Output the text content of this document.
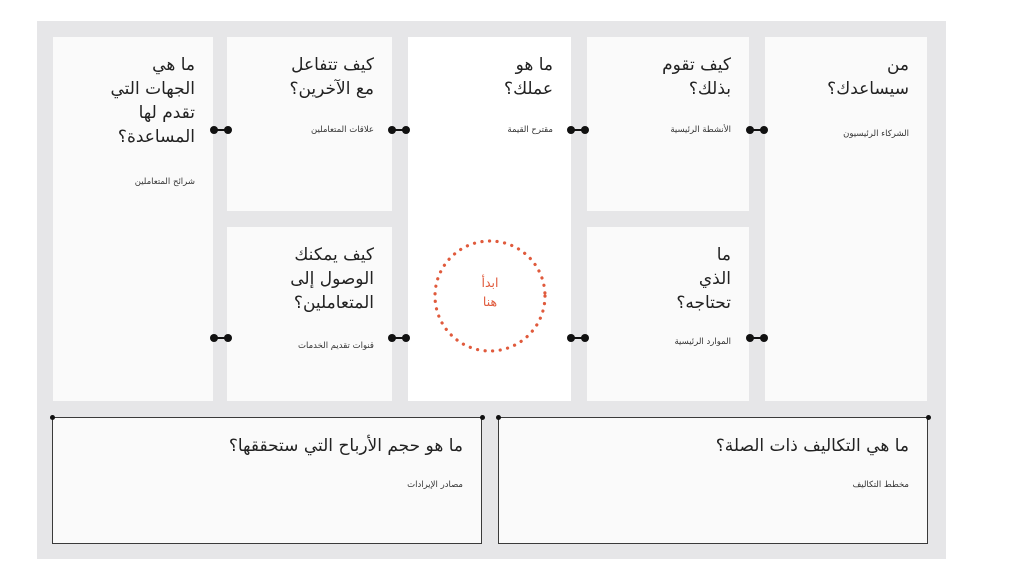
من
سيساعدك؟
الشركاء الرئيسيون
كيف تقوم
بذلك؟
الأنشطة الرئيسية
ما
الذي
تحتاجه؟
الموارد الرئيسية
ما هو
عملك؟
مقترح القيمة
كيف تتفاعل
مع الآخرين؟
علاقات المتعاملين
كيف يمكنك
الوصول إلى
المتعاملين؟
قنوات تقديم الخدمات
ما هي
الجهات التي
تقدم لها
المساعدة؟
شرائح المتعاملين
ما هو حجم الأرباح التي ستحققها؟
مصادر الإيرادات
ما هي التكاليف ذات الصلة؟
مخطط التكاليف
ابدأ
هنا
